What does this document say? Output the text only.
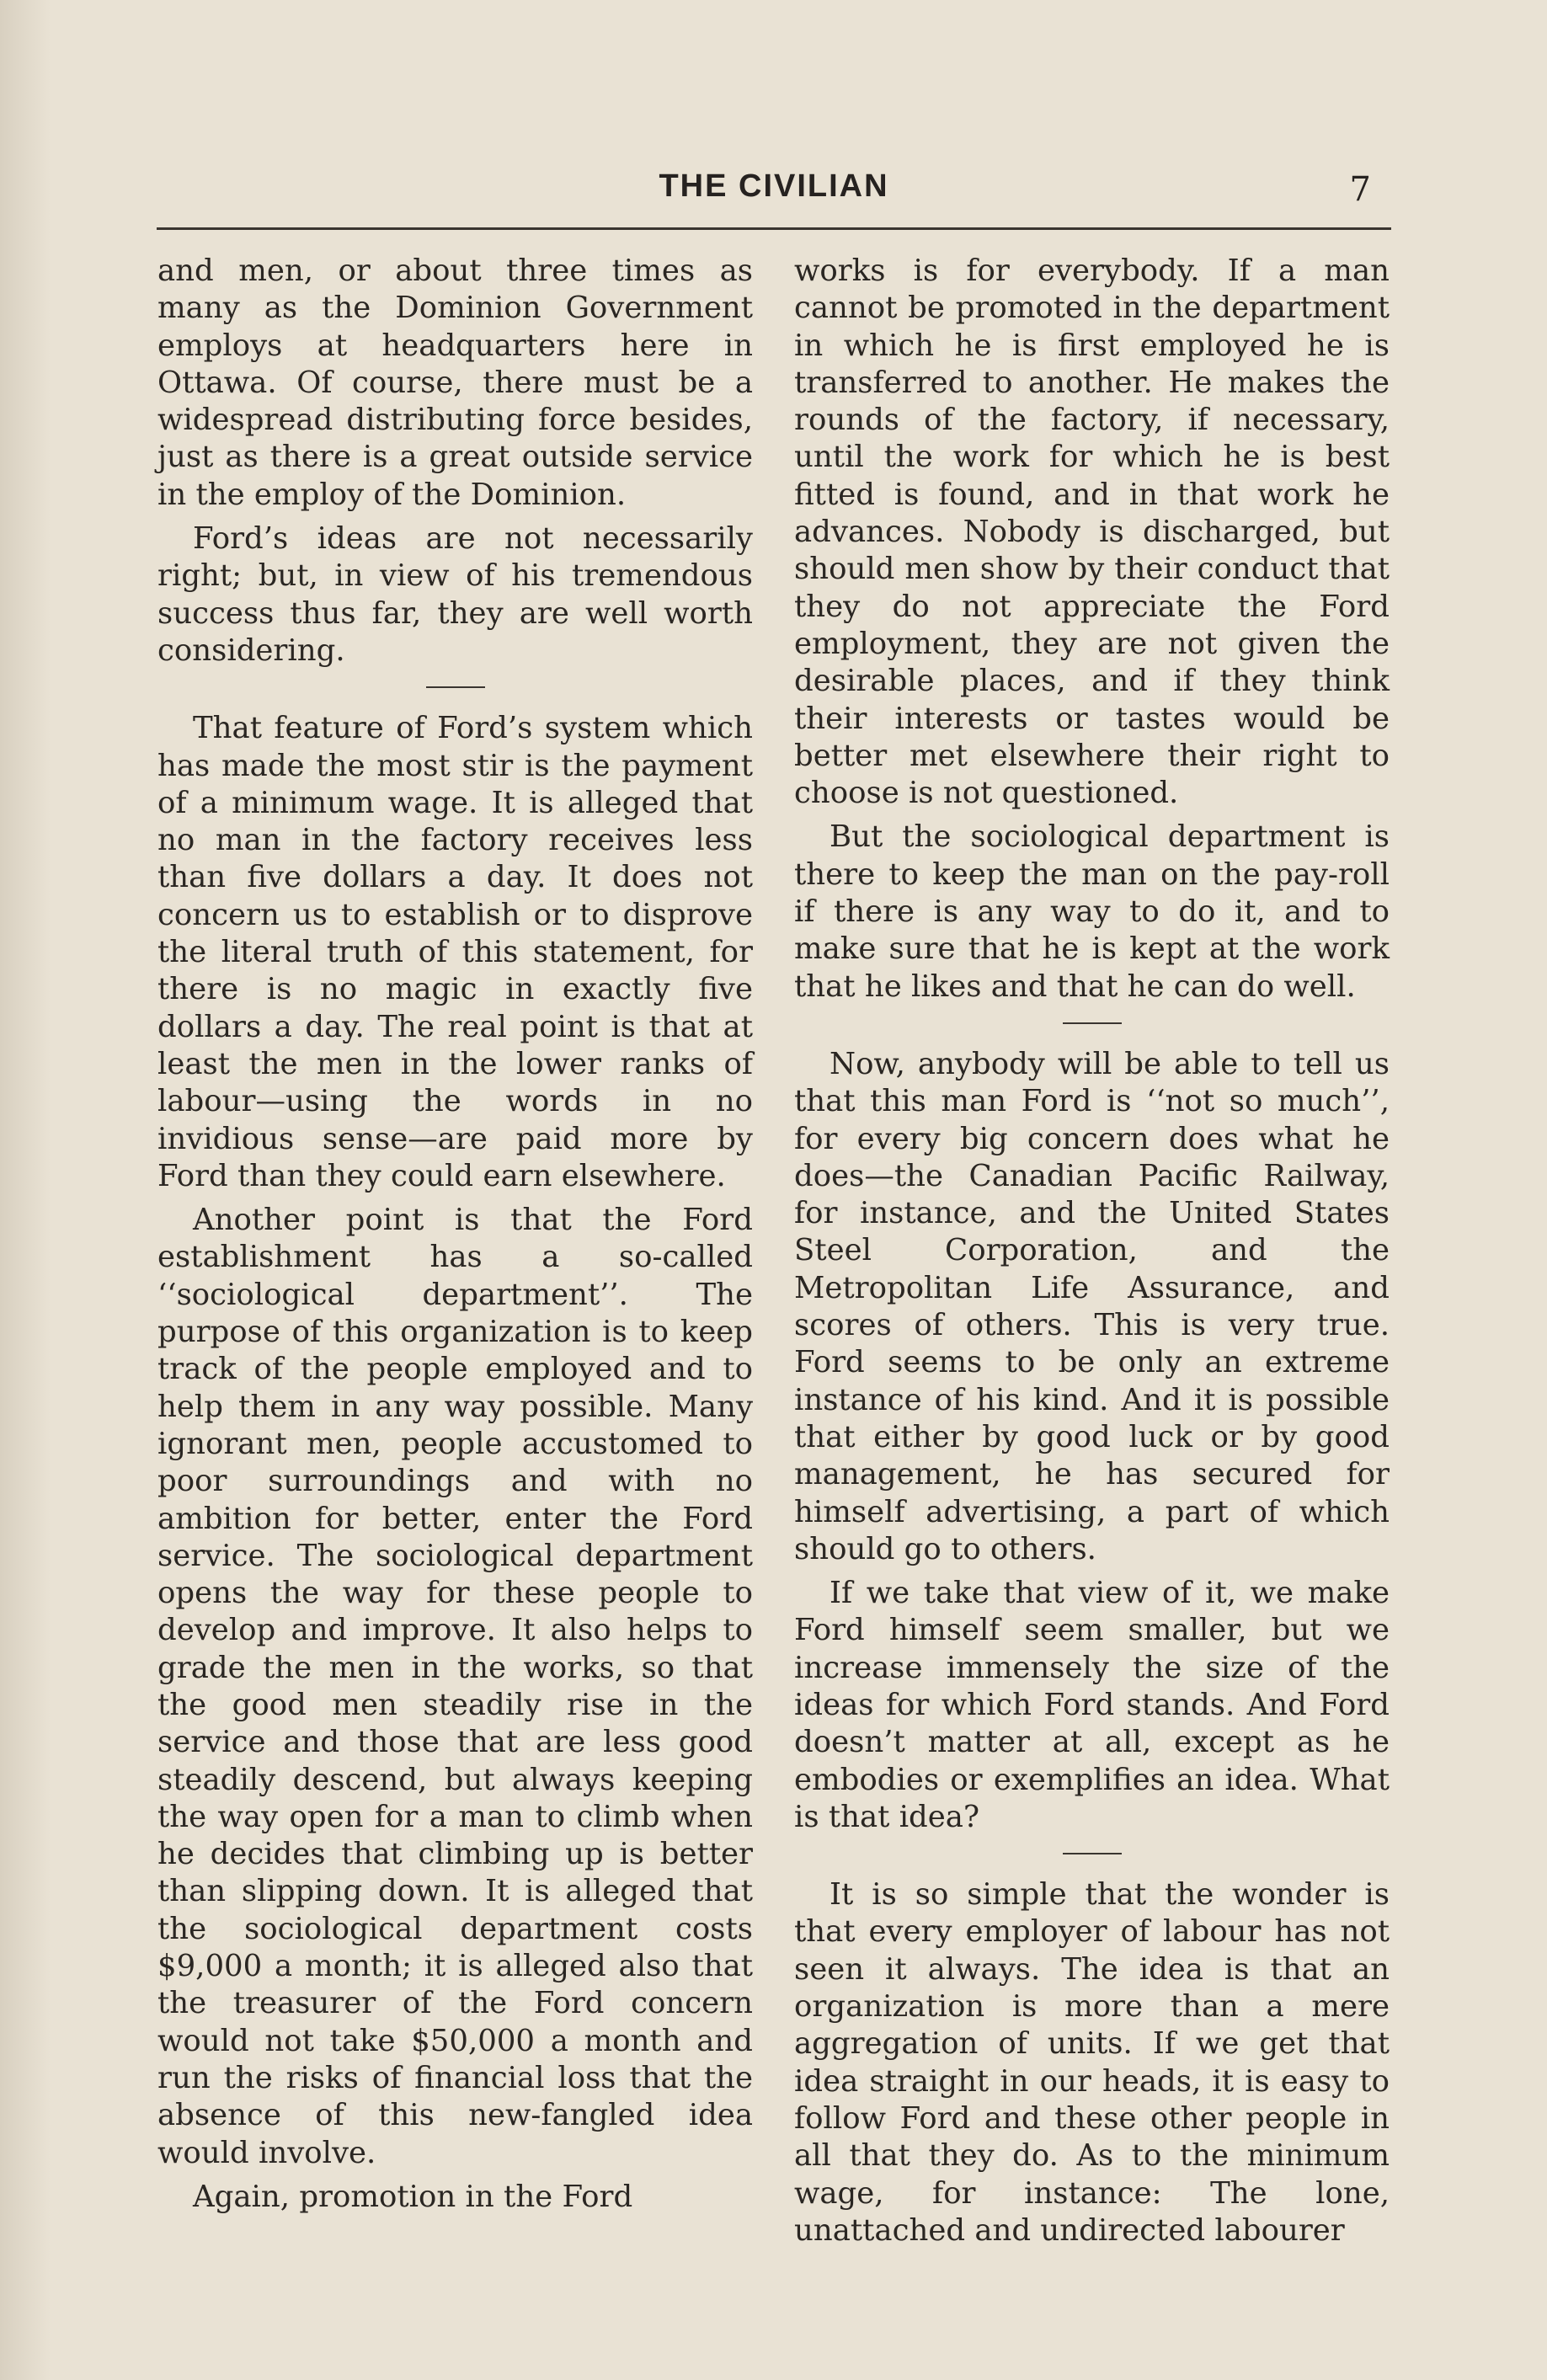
THE CIVILIAN	7

and men, or about three times as many as the Dominion Government employs at headquarters here in Ottawa. Of course, there must be a widespread distributing force besides, just as there is a great outside service in the employ of the Dominion.

Ford’s ideas are not necessarily right; but, in view of his tremendous success thus far, they are well worth considering.

That feature of Ford’s system which has made the most stir is the payment of a minimum wage. It is alleged that no man in the factory receives less than five dollars a day. It does not concern us to establish or to disprove the literal truth of this statement, for there is no magic in exactly five dollars a day. The real point is that at least the men in the lower ranks of labour—using the words in no invidious sense—are paid more by Ford than they could earn elsewhere.

Another point is that the Ford establishment has a so-called ‘‘sociological department’’. The purpose of this organization is to keep track of the people employed and to help them in any way possible. Many ignorant men, people accustomed to poor surroundings and with no ambition for better, enter the Ford service. The sociological department opens the way for these people to develop and improve. It also helps to grade the men in the works, so that the good men steadily rise in the service and those that are less good steadily descend, but always keeping the way open for a man to climb when he decides that climbing up is better than slipping down. It is alleged that the sociological department costs $9,000 a month; it is alleged also that the treasurer of the Ford concern would not take $50,000 a month and run the risks of financial loss that the absence of this new-fangled idea would involve.

Again, promotion in the Ford

works is for everybody. If a man cannot be promoted in the department in which he is first employed he is transferred to another. He makes the rounds of the factory, if necessary, until the work for which he is best fitted is found, and in that work he advances. Nobody is discharged, but should men show by their conduct that they do not appreciate the Ford employment, they are not given the desirable places, and if they think their interests or tastes would be better met elsewhere their right to choose is not questioned.

But the sociological department is there to keep the man on the pay-roll if there is any way to do it, and to make sure that he is kept at the work that he likes and that he can do well.

Now, anybody will be able to tell us that this man Ford is ‘‘not so much’’, for every big concern does what he does—the Canadian Pacific Railway, for instance, and the United States Steel Corporation, and the Metropolitan Life Assurance, and scores of others. This is very true. Ford seems to be only an extreme instance of his kind. And it is possible that either by good luck or by good management, he has secured for himself advertising, a part of which should go to others.

If we take that view of it, we make Ford himself seem smaller, but we increase immensely the size of the ideas for which Ford stands. And Ford doesn’t matter at all, except as he embodies or exemplifies an idea. What is that idea?

It is so simple that the wonder is that every employer of labour has not seen it always. The idea is that an organization is more than a mere aggregation of units. If we get that idea straight in our heads, it is easy to follow Ford and these other people in all that they do. As to the minimum wage, for instance: The lone, unattached and undirected labourer
